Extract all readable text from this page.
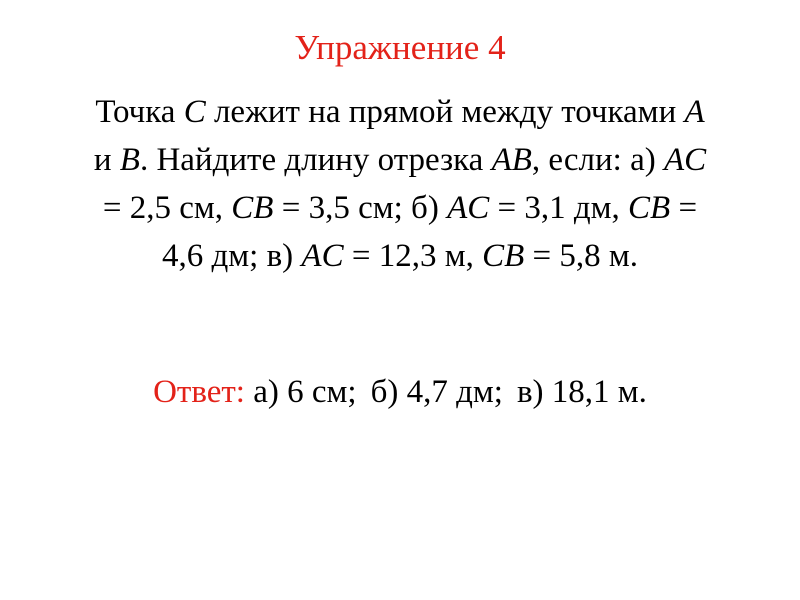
Упражнение 4
Точка C лежит на прямой между точками A
и B. Найдите длину отрезка AB, если: а) AC
= 2,5 см, CB = 3,5 см; б) AC = 3,1 дм, CB =
4,6 дм; в) AC = 12,3 м, CB = 5,8 м.
Ответ: а) 6 см; б) 4,7 дм; в) 18,1 м.
